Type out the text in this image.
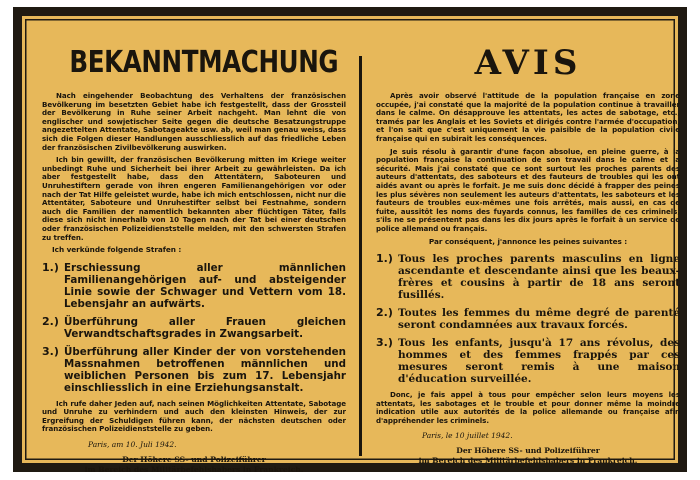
BEKANNTMACHUNG

Nach eingehender Beobachtung des Verhaltens der französischen Bevölkerung im besetzten Gebiet habe ich festgestellt, dass der Grossteil der Bevölkerung in Ruhe seiner Arbeit nachgeht. Man lehnt die von englischer und sowjetischer Seite gegen die deutsche Besatzungstruppe angezettelten Attentate, Sabotageakte usw. ab, weil man genau weiss, dass sich die Folgen dieser Handlungen ausschliesslich auf das friedliche Leben der französischen Zivilbevölkerung auswirken.

Ich bin gewillt, der französischen Bevölkerung mitten im Kriege weiter unbedingt Ruhe und Sicherheit bei ihrer Arbeit zu gewährleisten. Da ich aber festgestellt habe, dass den Attentätern, Saboteuren und Unruhestiftern gerade von ihren engeren Familienangehörigen vor oder nach der Tat Hilfe geleistet wurde, habe ich mich entschlossen, nicht nur die Attentäter, Saboteure und Unruhestifter selbst bei Festnahme, sondern auch die Familien der namentlich bekannten aber flüchtigen Täter, falls diese sich nicht innerhalb von 10 Tagen nach der Tat bei einer deutschen oder französischen Polizeidienststelle melden, mit den schwersten Strafen zu treffen.

Ich verkünde folgende Strafen :

1.) Erschiessung aller männlichen Familienangehörigen auf- und absteigender Linie sowie der Schwager und Vettern vom 18. Lebensjahr an aufwärts.
2.) Überführung aller Frauen gleichen Verwandtschaftsgrades in Zwangsarbeit.
3.) Überführung aller Kinder der von vorstehenden Massnahmen betroffenen männlichen und weiblichen Personen bis zum 17. Lebensjahr einschliesslich in eine Erziehungsanstalt.

Ich rufe daher Jeden auf, nach seinen Möglichkeiten Attentate, Sabotage und Unruhe zu verhindern und auch den kleinsten Hinweis, der zur Ergreifung der Schuldigen führen kann, der nächsten deutschen oder französischen Polizeidienststelle zu geben.

Paris, am 10. Juli 1942.
Der Höhere SS- und Polizeiführer
im Bereich des Militärbefehlshabers in Frankreich.
AVIS

Après avoir observé l'attitude de la population française en zone occupée, j'ai constaté que la majorité de la population continue à travailler dans le calme. On désapprouve les attentats, les actes de sabotage, etc., tramés par les Anglais et les Soviets et dirigés contre l'armée d'occupation, et l'on sait que c'est uniquement la vie paisible de la population civile française qui en subirait les conséquences.

Je suis résolu à garantir d'une façon absolue, en pleine guerre, à la population française la continuation de son travail dans le calme et la sécurité. Mais j'ai constaté que ce sont surtout les proches parents des auteurs d'attentats, des saboteurs et des fauteurs de troubles qui les ont aidés avant ou après le forfait. Je me suis donc décidé à frapper des peines les plus sévères non seulement les auteurs d'attentats, les saboteurs et les fauteurs de troubles eux-mêmes une fois arrêtés, mais aussi, en cas de fuite, aussitôt les noms des fuyards connus, les familles de ces criminels, s'ils ne se présentent pas dans les dix jours après le forfait à un service de police allemand ou français.

Par conséquent, j'annonce les peines suivantes :

1.) Tous les proches parents masculins en ligne ascendante et descendante ainsi que les beaux-frères et cousins à partir de 18 ans seront fusillés.
2.) Toutes les femmes du même degré de parenté seront condamnées aux travaux forcés.
3.) Tous les enfants, jusqu'à 17 ans révolus, des hommes et des femmes frappés par ces mesures seront remis à une maison d'éducation surveillée.

Donc, je fais appel à tous pour empêcher selon leurs moyens les attentats, les sabotages et le trouble et pour donner même la moindre indication utile aux autorités de la police allemande ou française afin d'appréhender les criminels.

Paris, le 10 juillet 1942.
Der Höhere SS- und Polizeiführer
im Bereich des Militärbefehlshabers in Frankreich.
